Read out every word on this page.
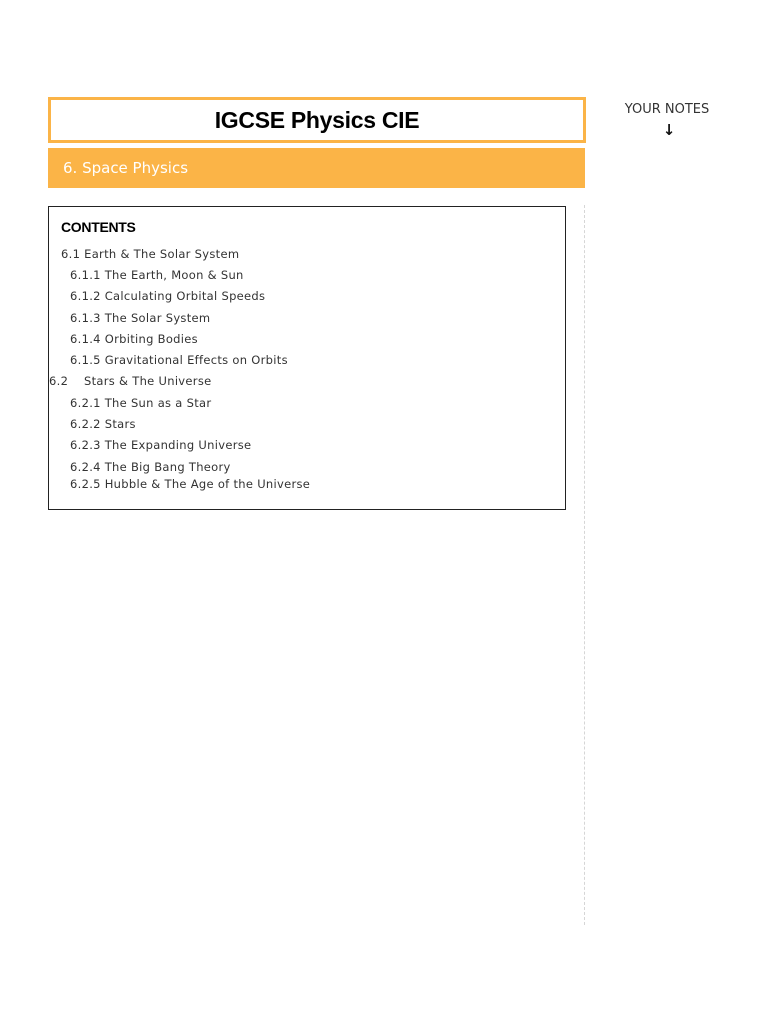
IGCSE Physics CIE
6. Space Physics
YOUR NOTES
↓
CONTENTS
6.1 Earth & The Solar System
6.1.1 The Earth, Moon & Sun
6.1.2 Calculating Orbital Speeds
6.1.3 The Solar System
6.1.4 Orbiting Bodies
6.1.5 Gravitational Effects on Orbits
6.2    Stars & The Universe
6.2.1 The Sun as a Star
6.2.2 Stars
6.2.3 The Expanding Universe
6.2.4 The Big Bang Theory
6.2.5 Hubble & The Age of the Universe
